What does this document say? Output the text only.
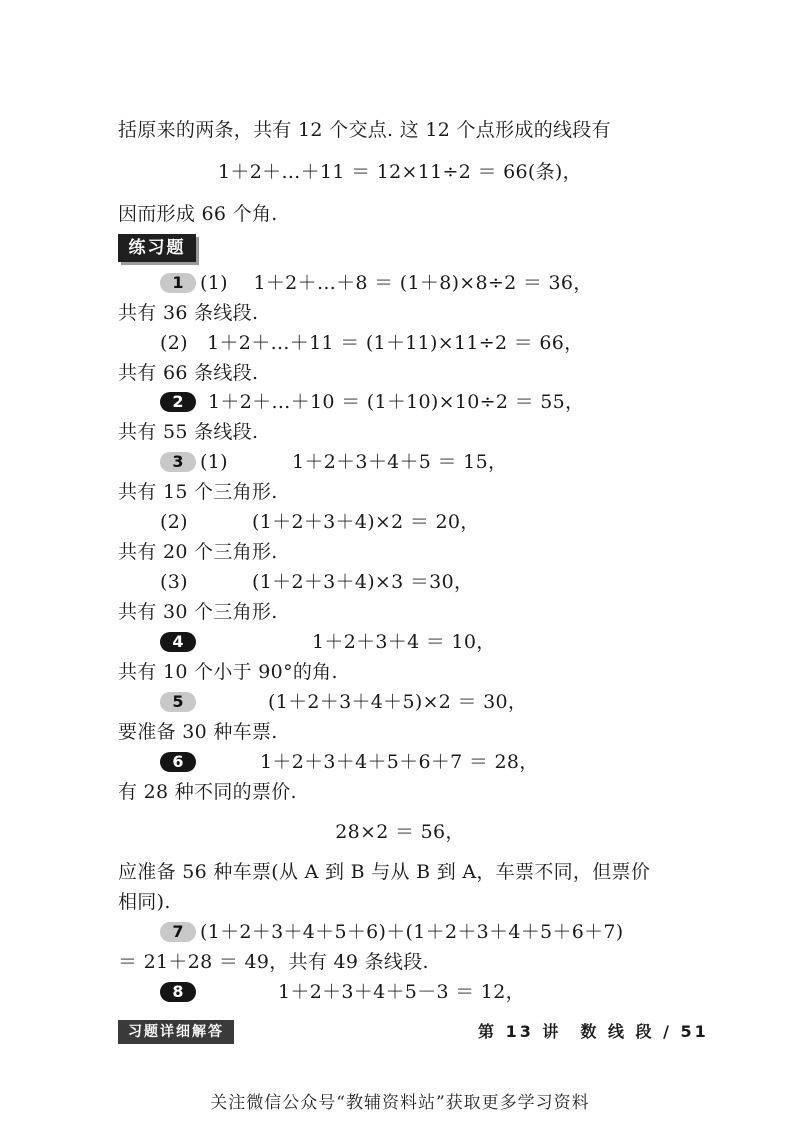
括原来的两条，共有 12 个交点. 这 12 个点形成的线段有
1＋2＋…＋11 ＝ 12×11÷2 ＝ 66(条)，
因而形成 66 个角.
练习题
1 (1)　 1＋2＋…＋8 ＝ (1＋8)×8÷2 ＝ 36，
共有 36 条线段.
(2)　1＋2＋…＋11 ＝ (1＋11)×11÷2 ＝ 66，
共有 66 条线段.
2	1＋2＋…＋10 ＝ (1＋10)×10÷2 ＝ 55，
共有 55 条线段.
3 (1)　　　 1＋2＋3＋4＋5 ＝ 15，
共有 15 个三角形.
(2)　　　 (1＋2＋3＋4)×2 ＝ 20，
共有 20 个三角形.
(3)　　　 (1＋2＋3＋4)×3 ＝30，
共有 30 个三角形.
4	1＋2＋3＋4 ＝ 10，
共有 10 个小于 90°的角.
5	(1＋2＋3＋4＋5)×2 ＝ 30，
要准备 30 种车票.
6	1＋2＋3＋4＋5＋6＋7 ＝ 28，
有 28 种不同的票价.
28×2 ＝ 56，
应准备 56 种车票(从 A 到 B 与从 B 到 A，车票不同，但票价
相同).
7 (1＋2＋3＋4＋5＋6)＋(1＋2＋3＋4＋5＋6＋7)
＝ 21＋28 ＝ 49，共有 49 条线段.
8	1＋2＋3＋4＋5－3 ＝ 12，
习题详细解答	第 13 讲　数 线 段 / 51
关注微信公众号“教辅资料站”获取更多学习资料
